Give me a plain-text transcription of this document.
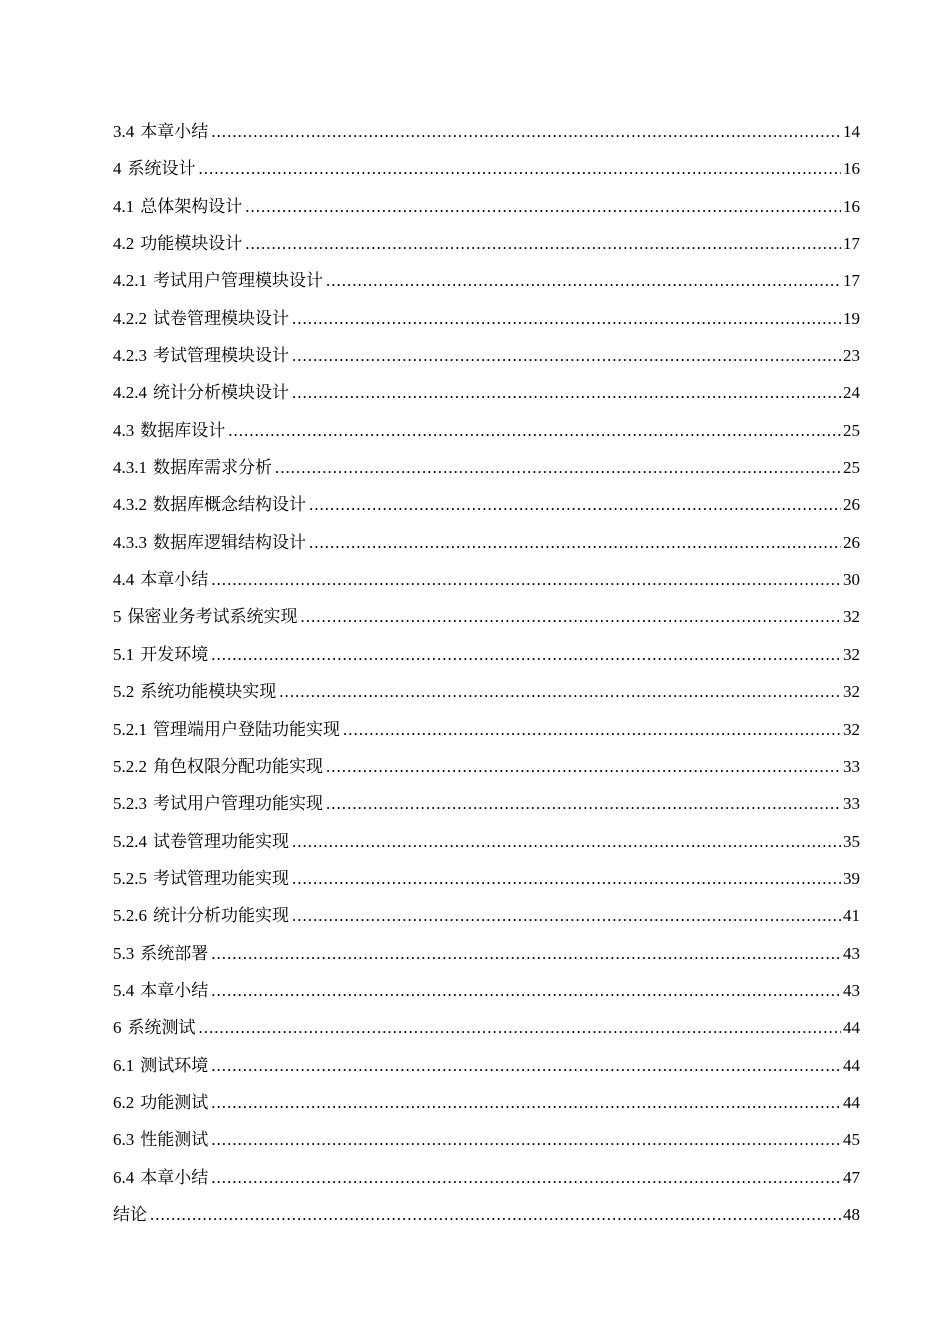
3.4 本章小结 .....	14
4 系统设计 .....	16
4.1 总体架构设计 .....	16
4.2 功能模块设计 .....	17
4.2.1 考试用户管理模块设计 .....	17
4.2.2 试卷管理模块设计 .....	19
4.2.3 考试管理模块设计 .....	23
4.2.4 统计分析模块设计 .....	24
4.3 数据库设计 .....	25
4.3.1 数据库需求分析 .....	25
4.3.2 数据库概念结构设计 .....	26
4.3.3 数据库逻辑结构设计 .....	26
4.4 本章小结 .....	30
5 保密业务考试系统实现 .....	32
5.1 开发环境 .....	32
5.2 系统功能模块实现 .....	32
5.2.1 管理端用户登陆功能实现 .....	32
5.2.2 角色权限分配功能实现 .....	33
5.2.3 考试用户管理功能实现 .....	33
5.2.4 试卷管理功能实现 .....	35
5.2.5 考试管理功能实现 .....	39
5.2.6 统计分析功能实现 .....	41
5.3 系统部署 .....	43
5.4 本章小结 .....	43
6 系统测试 .....	44
6.1 测试环境 .....	44
6.2 功能测试 .....	44
6.3 性能测试 .....	45
6.4 本章小结 .....	47
结论 .....	48
